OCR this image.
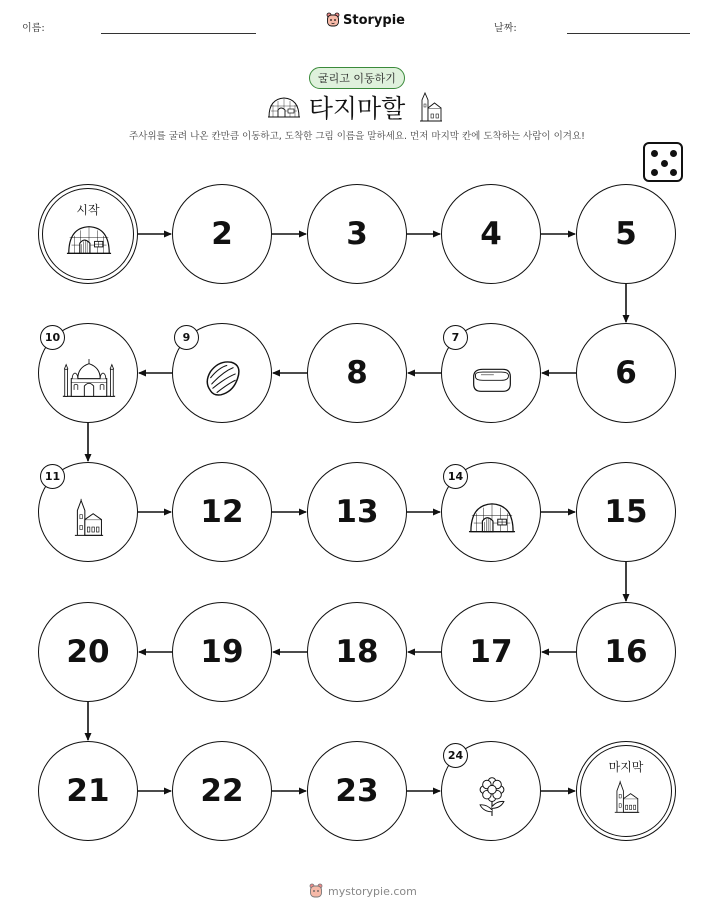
이름:
Storypie
날짜:
굴리고 이동하기
타지마할
주사위를 굴려 나온 칸만큼 이동하고, 도착한 그림 이름을 말하세요. 먼저 마지막 칸에 도착하는 사람이 이겨요!
시작
2	3	4	5
6
7
8
9
10
11
12	13
14
15
16
17
18
19
20
21	22	23
24
마지막
mystorypie.com
